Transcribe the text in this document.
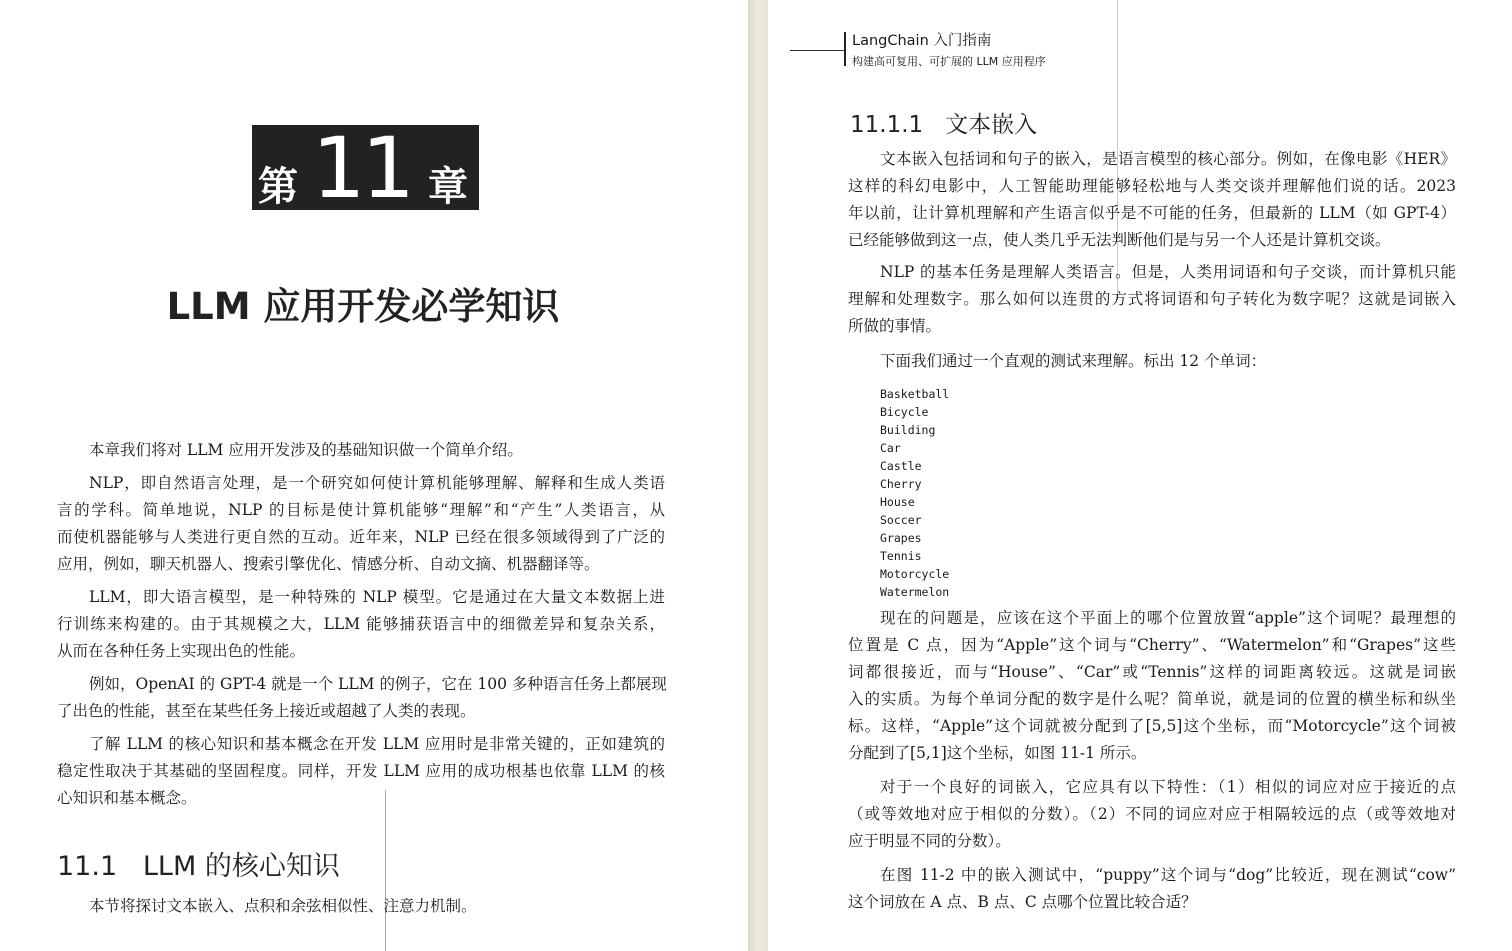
第 11 章
LLM 应用开发必学知识
本章我们将对 LLM 应用开发涉及的基础知识做一个简单介绍。
NLP，即自然语言处理，是一个研究如何使计算机能够理解、解释和生成人类语
言的学科。简单地说，NLP 的目标是使计算机能够“理解”和“产生”人类语言，从
而使机器能够与人类进行更自然的互动。近年来，NLP 已经在很多领域得到了广泛的
应用，例如，聊天机器人、搜索引擎优化、情感分析、自动文摘、机器翻译等。
LLM，即大语言模型，是一种特殊的 NLP 模型。它是通过在大量文本数据上进
行训练来构建的。由于其规模之大，LLM 能够捕获语言中的细微差异和复杂关系，
从而在各种任务上实现出色的性能。
例如，OpenAI 的 GPT-4 就是一个 LLM 的例子，它在 100 多种语言任务上都展现
了出色的性能，甚至在某些任务上接近或超越了人类的表现。
了解 LLM 的核心知识和基本概念在开发 LLM 应用时是非常关键的，正如建筑的
稳定性取决于其基础的坚固程度。同样，开发 LLM 应用的成功根基也依靠 LLM 的核
心知识和基本概念。
11.1   LLM 的核心知识
本节将探讨文本嵌入、点积和余弦相似性、注意力机制。
LangChain 入门指南
构建高可复用、可扩展的 LLM 应用程序
11.1.1   文本嵌入
文本嵌入包括词和句子的嵌入，是语言模型的核心部分。例如，在像电影《HER》
这样的科幻电影中，人工智能助理能够轻松地与人类交谈并理解他们说的话。2023
年以前，让计算机理解和产生语言似乎是不可能的任务，但最新的 LLM（如 GPT-4）
已经能够做到这一点，使人类几乎无法判断他们是与另一个人还是计算机交谈。
NLP 的基本任务是理解人类语言。但是，人类用词语和句子交谈，而计算机只能
理解和处理数字。那么如何以连贯的方式将词语和句子转化为数字呢？这就是词嵌入
所做的事情。
下面我们通过一个直观的测试来理解。标出 12 个单词：
Basketball
Bicycle
Building
Car
Castle
Cherry
House
Soccer
Grapes
Tennis
Motorcycle
Watermelon
现在的问题是，应该在这个平面上的哪个位置放置“apple”这个词呢？最理想的
位置是 C 点，因为“Apple”这个词与“Cherry”、“Watermelon”和“Grapes”这些
词都很接近，而与“House”、“Car”或“Tennis”这样的词距离较远。这就是词嵌
入的实质。为每个单词分配的数字是什么呢？简单说，就是词的位置的横坐标和纵坐
标。这样，“Apple”这个词就被分配到了[5,5]这个坐标，而“Motorcycle”这个词被
分配到了[5,1]这个坐标，如图 11-1 所示。
对于一个良好的词嵌入，它应具有以下特性：（1）相似的词应对应于接近的点
（或等效地对应于相似的分数）。（2）不同的词应对应于相隔较远的点（或等效地对
应于明显不同的分数）。
在图 11-2 中的嵌入测试中，“puppy”这个词与“dog”比较近，现在测试“cow”
这个词放在 A 点、B 点、C 点哪个位置比较合适？
